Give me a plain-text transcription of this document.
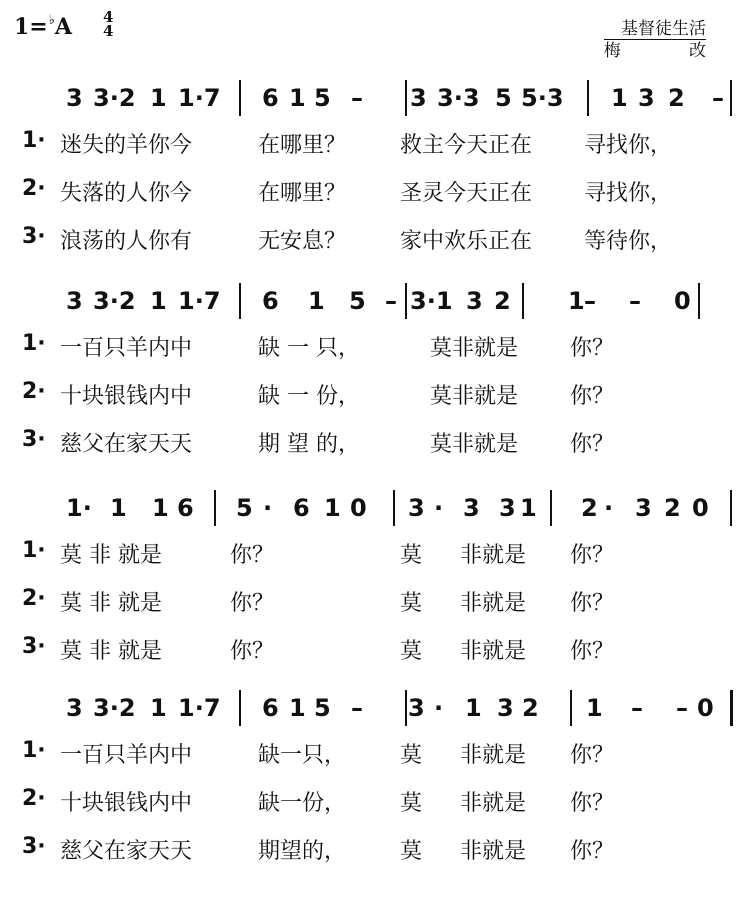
1=♭A 4
4	基督徒生活
梅 改
3 3·2 1 1·7 6 1 5 – 3 3·3 5 5·3 1 3 2 –
1· 迷失的羊你今	在哪里？ 救主今天正在 寻找你，
2· 失落的人你今	在哪里？ 圣灵今天正在 寻找你，
3· 浪荡的人你有	无安息？ 家中欢乐正在 等待你，
3 3·2 1 1·7 6 1 5 – 3·1 3 2 1 – – 0
1· 一百只羊内中	缺 一 只，	莫非就是 你？
2· 十块银钱内中	缺 一 份，	莫非就是 你？
3· 慈父在家天天	期 望 的，	莫非就是 你？
1· 1 1 6 5 · 6 1 0 3 · 3 3 1 2 · 3 2 0
1· 莫 非 就是	你？	莫 非就是 你？
2· 莫 非 就是	你？	莫 非就是 你？
3· 莫 非 就是	你？	莫 非就是 你？
3 3·2 1 1·7 6 1 5 – 3 · 1 3 2 1 – – 0
1· 一百只羊内中	缺一只， 莫 非就是 你？
2· 十块银钱内中	缺一份， 莫 非就是 你？
3· 慈父在家天天	期望的， 莫 非就是 你？
